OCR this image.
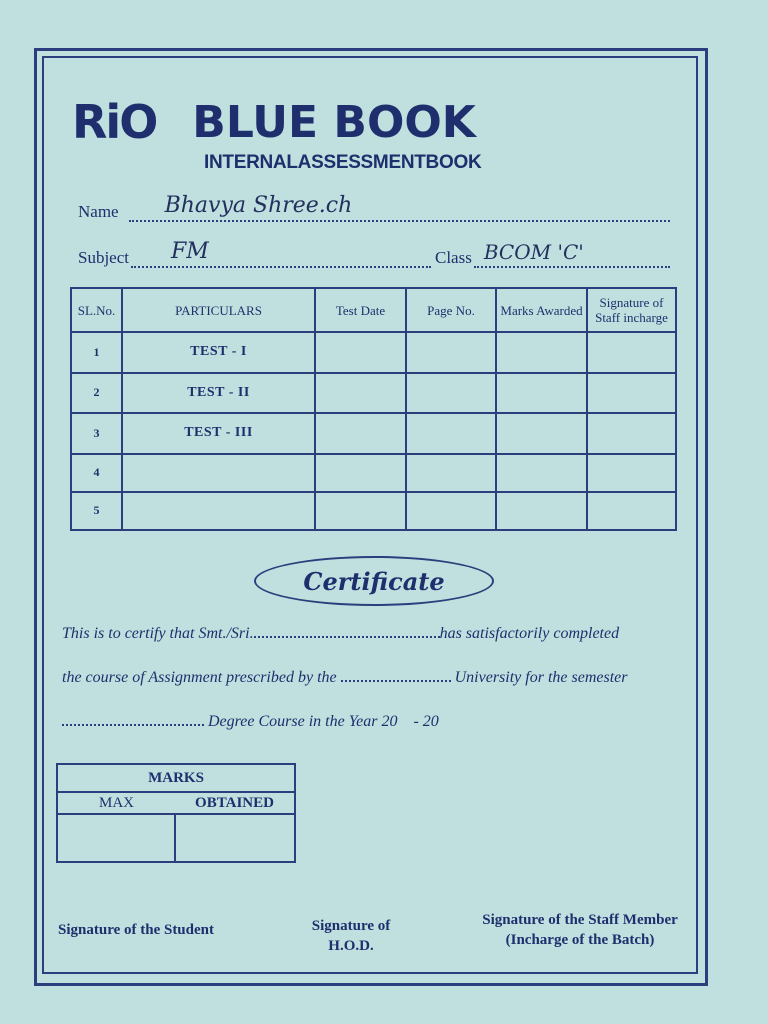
RiO BLUE BOOK
INTERNALASSESSMENTBOOK
Name Bhavya Shree.ch
Subject FM	Class BCOM 'C'
SL.No.	PARTICULARS	Test Date	Page No.	Marks Awarded	Signature of Staff incharge
1	TEST - I				
2	TEST - II				
3	TEST - III				
4					
5					
Certificate
This is to certify that Smt./Sri.	has satisfactorily completed
the course of Assignment prescribed by the	University for the semester
Degree Course in the Year 20 - 20
MARKS	
MAX	OBTAINED

Signature of the Student	Signature of
H.O.D.
Signature of the Staff Member
(Incharge of the Batch)
